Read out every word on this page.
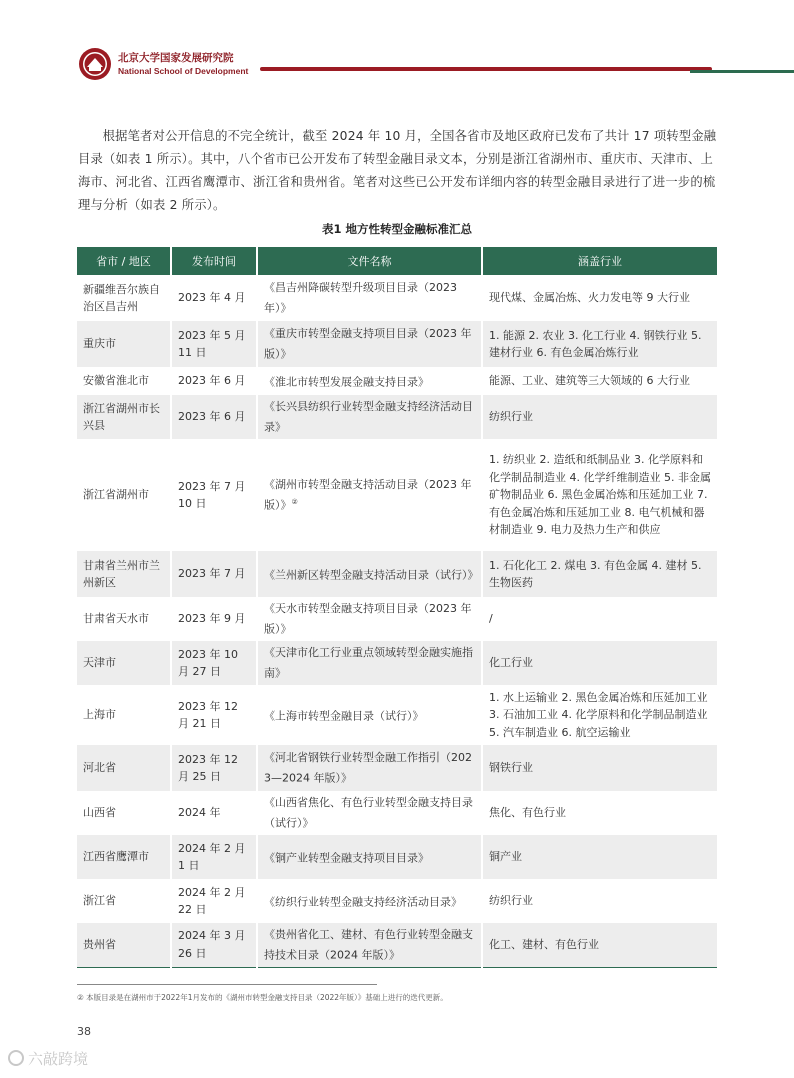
北京大学国家发展研究院
National School of Development

根据笔者对公开信息的不完全统计，截至 2024 年 10 月，全国各省市及地区政府已发布了共计 17 项转型金融目录（如表 1 所示）。其中，八个省市已公开发布了转型金融目录文本，分别是浙江省湖州市、重庆市、天津市、上海市、河北省、江西省鹰潭市、浙江省和贵州省。笔者对这些已公开发布详细内容的转型金融目录进行了进一步的梳理与分析（如表 2 所示）。

表1 地方性转型金融标准汇总
省市 / 地区	发布时间	文件名称	涵盖行业
新疆维吾尔族自治区昌吉州	2023 年 4 月	《昌吉州降碳转型升级项目目录（2023 年）》	现代煤、金属冶炼、火力发电等 9 大行业
重庆市	2023 年 5 月 11 日	《重庆市转型金融支持项目目录（2023 年版）》	1. 能源 2. 农业 3. 化工行业 4. 钢铁行业 5. 建材行业 6. 有色金属冶炼行业
安徽省淮北市	2023 年 6 月	《淮北市转型发展金融支持目录》	能源、工业、建筑等三大领域的 6 大行业
浙江省湖州市长兴县	2023 年 6 月	《长兴县纺织行业转型金融支持经济活动目录》	纺织行业
浙江省湖州市	2023 年 7 月 10 日	《湖州市转型金融支持活动目录（2023 年版）》②	1. 纺织业 2. 造纸和纸制品业 3. 化学原料和化学制品制造业 4. 化学纤维制造业 5. 非金属矿物制品业 6. 黑色金属冶炼和压延加工业 7. 有色金属冶炼和压延加工业 8. 电气机械和器材制造业 9. 电力及热力生产和供应
甘肃省兰州市兰州新区	2023 年 7 月	《兰州新区转型金融支持活动目录（试行）》	1. 石化化工 2. 煤电 3. 有色金属 4. 建材 5. 生物医药
甘肃省天水市	2023 年 9 月	《天水市转型金融支持项目目录（2023 年版）》	/
天津市	2023 年 10 月 27 日	《天津市化工行业重点领域转型金融实施指南》	化工行业
上海市	2023 年 12 月 21 日	《上海市转型金融目录（试行）》	1. 水上运输业 2. 黑色金属冶炼和压延加工业 3. 石油加工业 4. 化学原料和化学制品制造业 5. 汽车制造业 6. 航空运输业
河北省	2023 年 12 月 25 日	《河北省钢铁行业转型金融工作指引（2023—2024 年版）》	钢铁行业
山西省	2024 年	《山西省焦化、有色行业转型金融支持目录（试行）》	焦化、有色行业
江西省鹰潭市	2024 年 2 月 1 日	《铜产业转型金融支持项目目录》	铜产业
浙江省	2024 年 2 月 22 日	《纺织行业转型金融支持经济活动目录》	纺织行业
贵州省	2024 年 3 月 26 日	《贵州省化工、建材、有色行业转型金融支持技术目录（2024 年版）》	化工、建材、有色行业
② 本版目录是在湖州市于2022年1月发布的《湖州市转型金融支持目录（2022年版）》基础上进行的迭代更新。
38
六敲跨境
